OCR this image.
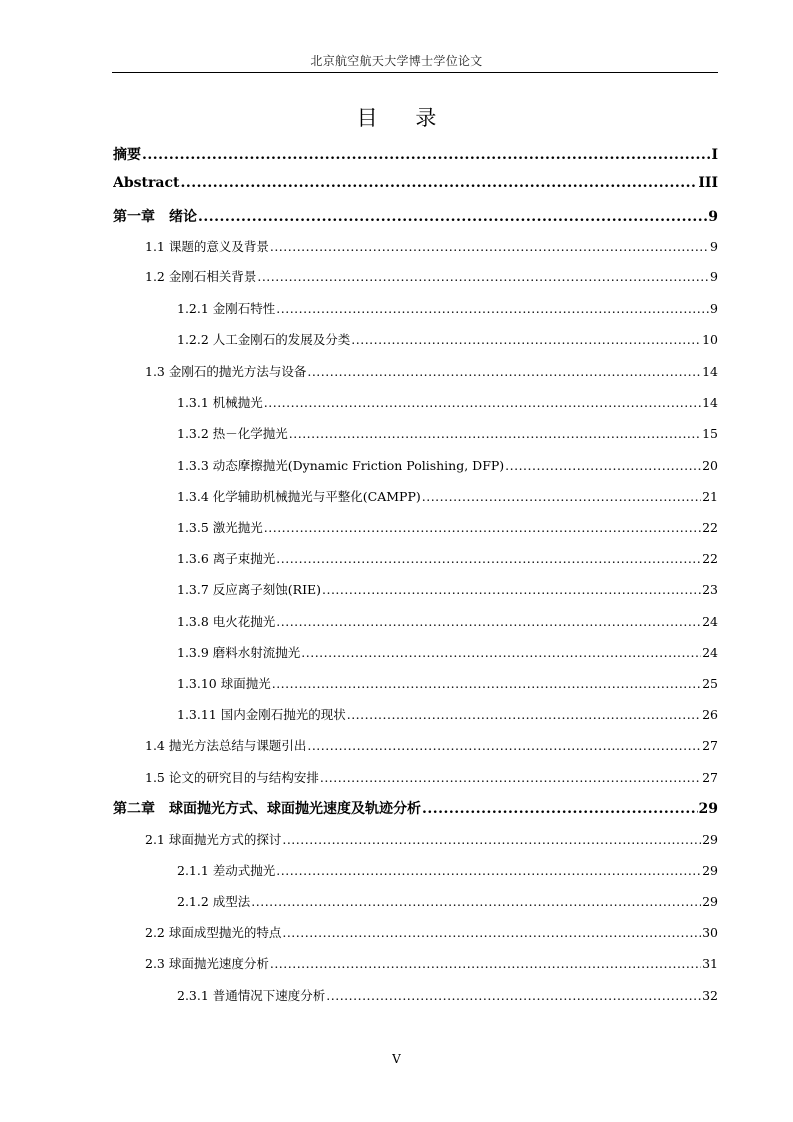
北京航空航天大学博士学位论文
目　录
摘要 .....	I
Abstract .....	III
第一章　绪论 .....	9
1.1 课题的意义及背景 .....	9
1.2 金刚石相关背景 .....	9
1.2.1 金刚石特性 .....	9
1.2.2 人工金刚石的发展及分类 .....	10
1.3 金刚石的抛光方法与设备 .....	14
1.3.1 机械抛光 .....	14
1.3.2 热－化学抛光 .....	15
1.3.3 动态摩擦抛光(Dynamic Friction Polishing, DFP) .....	20
1.3.4 化学辅助机械抛光与平整化(CAMPP) .....	21
1.3.5 激光抛光 .....	22
1.3.6 离子束抛光 .....	22
1.3.7 反应离子刻蚀(RIE) .....	23
1.3.8 电火花抛光 .....	24
1.3.9 磨料水射流抛光 .....	24
1.3.10 球面抛光 .....	25
1.3.11 国内金刚石抛光的现状 .....	26
1.4 抛光方法总结与课题引出 .....	27
1.5 论文的研究目的与结构安排 .....	27
第二章　球面抛光方式、球面抛光速度及轨迹分析 .....	29
2.1 球面抛光方式的探讨 .....	29
2.1.1 差动式抛光 .....	29
2.1.2 成型法 .....	29
2.2 球面成型抛光的特点 .....	30
2.3 球面抛光速度分析 .....	31
2.3.1 普通情况下速度分析 .....	32
V
